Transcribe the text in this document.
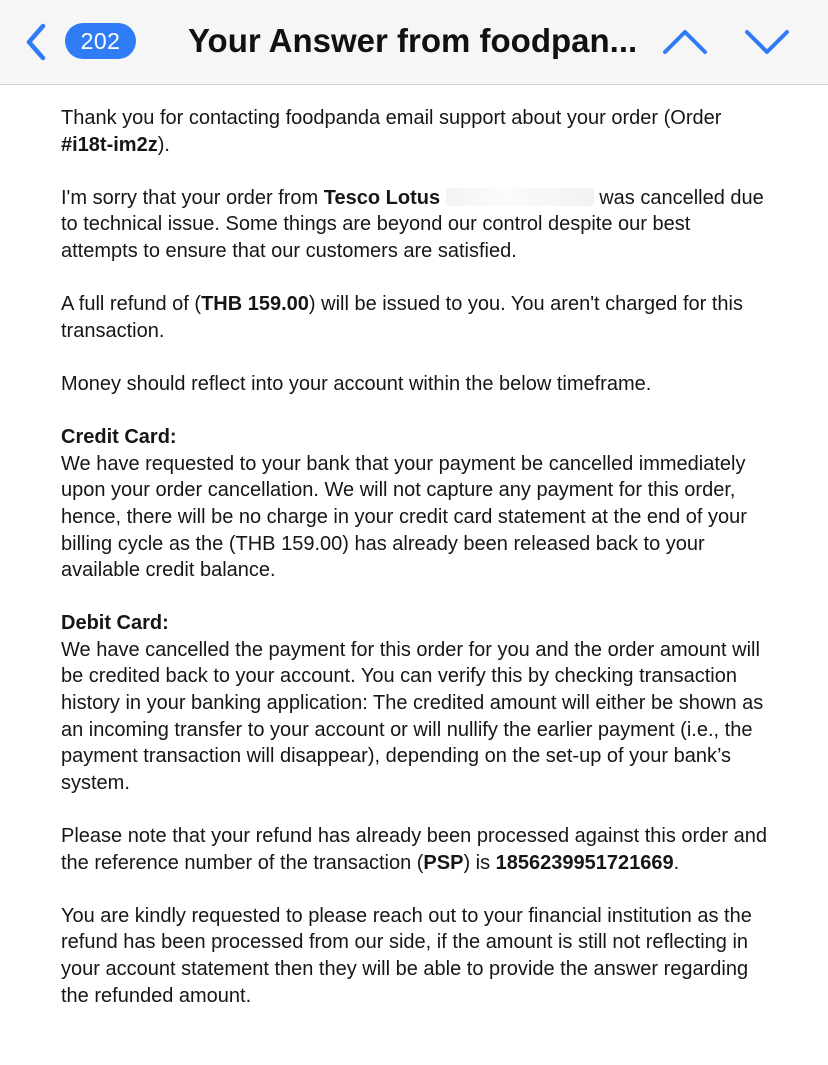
202	Your Answer from foodpan...

Thank you for contacting foodpanda email support about your order (Order #i18t-im2z).

I'm sorry that your order from Tesco Lotus	was cancelled due to technical issue. Some things are beyond our control despite our best attempts to ensure that our customers are satisfied.

A full refund of (THB 159.00) will be issued to you. You aren't charged for this transaction.

Money should reflect into your account within the below timeframe.

Credit Card:

We have requested to your bank that your payment be cancelled immediately upon your order cancellation. We will not capture any payment for this order, hence, there will be no charge in your credit card statement at the end of your billing cycle as the (THB 159.00) has already been released back to your available credit balance.

Debit Card:

We have cancelled the payment for this order for you and the order amount will be credited back to your account. You can verify this by checking transaction history in your banking application: The credited amount will either be shown as an incoming transfer to your account or will nullify the earlier payment (i.e., the payment transaction will disappear), depending on the set-up of your bank’s system.

Please note that your refund has already been processed against this order and the reference number of the transaction (PSP) is 1856239951721669.

You are kindly requested to please reach out to your financial institution as the refund has been processed from our side, if the amount is still not reflecting in your account statement then they will be able to provide the answer regarding the refunded amount.
